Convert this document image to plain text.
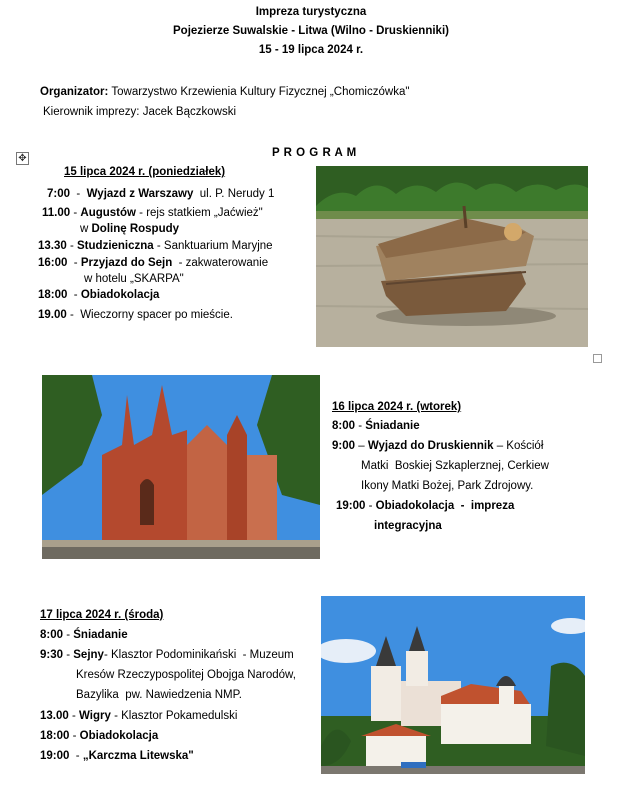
Impreza turystyczna
Pojezierze Suwalskie - Litwa (Wilno - Druskienniki)
15 - 19 lipca 2024 r.
Organizator: Towarzystwo Krzewienia Kultury Fizycznej „Chomiczówka"
Kierownik imprezy: Jacek Bączkowski
✥	P R O G R A M
15 lipca 2024 r. (poniedziałek)
7:00  -  Wyjazd z Warszawy  ul. P. Nerudy 1
11.00 - Augustów - rejs statkiem „Jaćwież"
w Dolinę Rospudy
13.30 - Studzieniczna - Sanktuarium Maryjne
16:00  - Przyjazd do Sejn  - zakwaterowanie
w hotelu „SKARPA"
18:00  - Obiadokolacja
19.00 -  Wieczorny spacer po mieście.
16 lipca 2024 r. (wtorek)
8:00 - Śniadanie
9:00 – Wyjazd do Druskiennik – Kościół
Matki  Boskiej Szkaplerznej, Cerkiew
Ikony Matki Bożej, Park Zdrojowy.
19:00 - Obiadokolacja  -  impreza
integracyjna
17 lipca 2024 r. (środa)
8:00 - Śniadanie
9:30 - Sejny- Klasztor Podominikański  - Muzeum
Kresów Rzeczypospolitej Obojga Narodów,
Bazylika  pw. Nawiedzenia NMP.
13.00 - Wigry - Klasztor Pokamedulski
18:00 - Obiadokolacja
19:00  - „Karczma Litewska"
